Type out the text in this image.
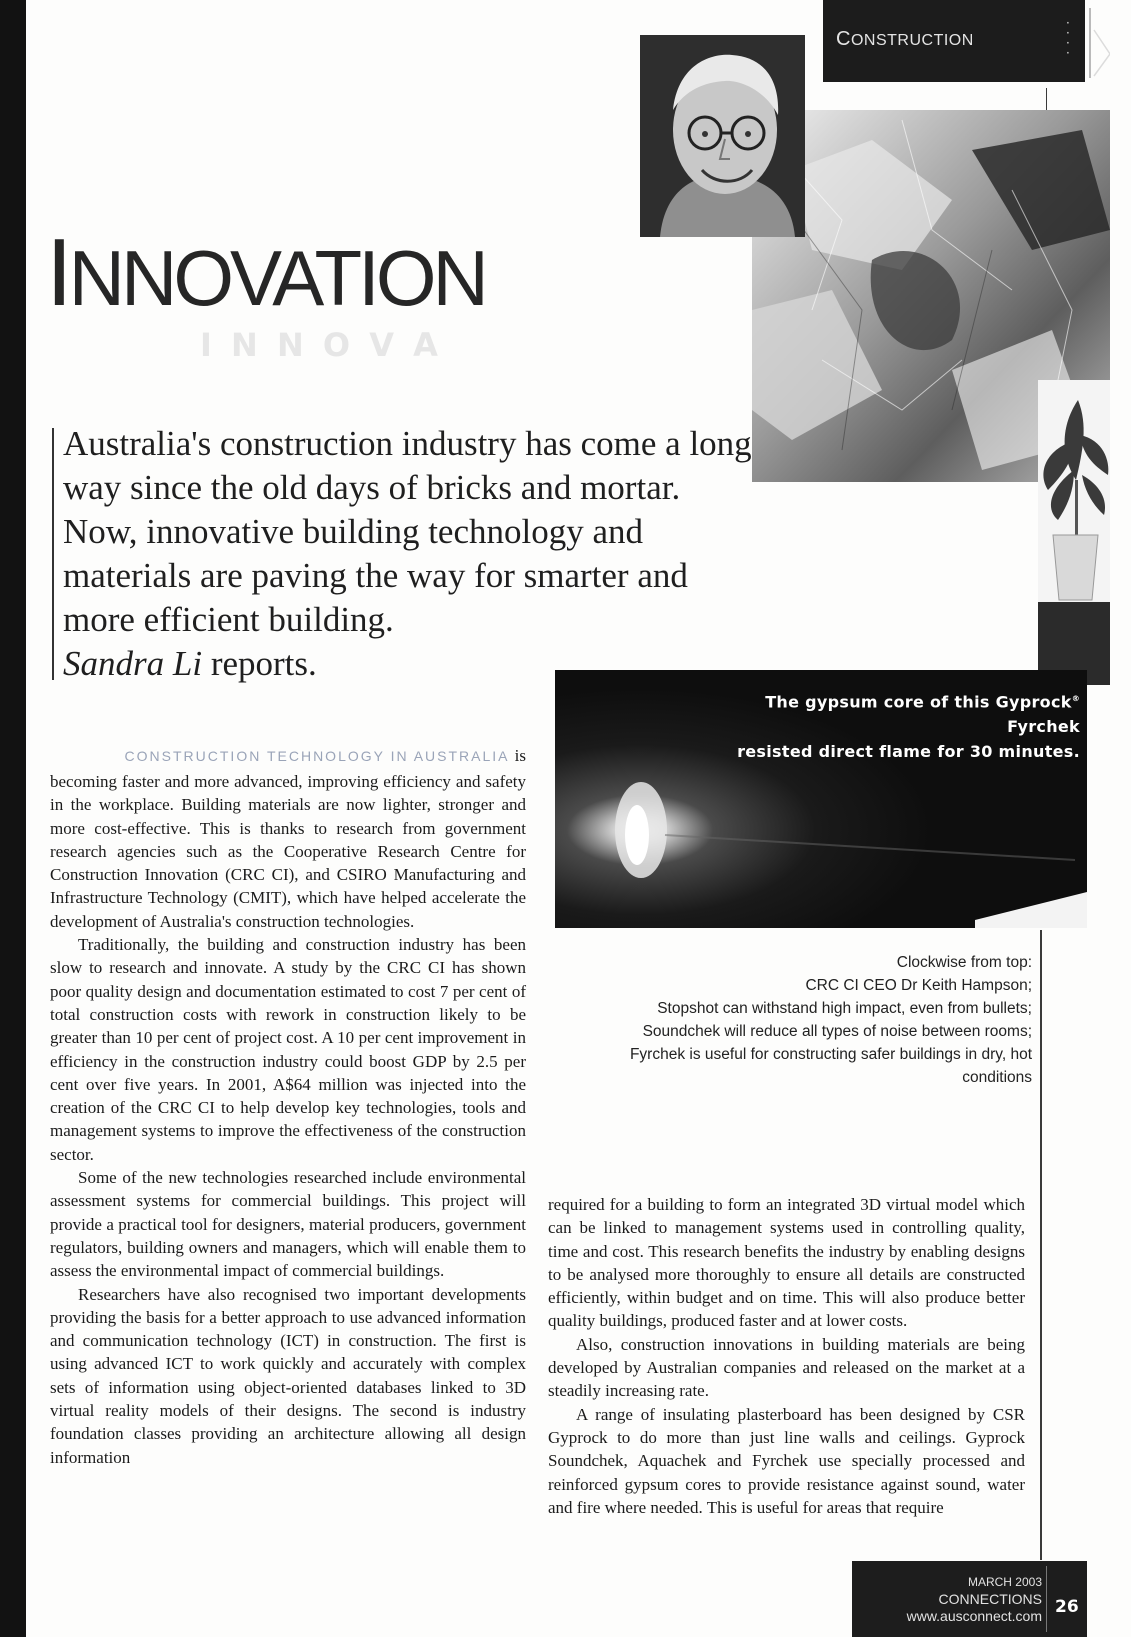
CONSTRUCTION
·
·
·
·
The gypsum core of this Gyprock® Fyrchek
resisted direct flame for 30 minutes.
INNOVATION
I N N O V A

Australia's construction industry has come a long way since the old days of bricks and mortar. Now, innovative building technology and materials are paving the way for smarter and more efficient building.
Sandra Li reports.

CONSTRUCTION TECHNOLOGY IN AUSTRALIA is

becoming faster and more advanced, improving efficiency and safety in the workplace. Building materials are now lighter, stronger and more cost-effective. This is thanks to research from government research agencies such as the Cooperative Research Centre for Construction Innovation (CRC CI), and CSIRO Manufacturing and Infrastructure Technology (CMIT), which have helped accelerate the development of Australia's construction technologies.

Traditionally, the building and construction industry has been slow to research and innovate. A study by the CRC CI has shown poor quality design and documentation estimated to cost 7 per cent of total construction costs with rework in construction likely to be greater than 10 per cent of project cost. A 10 per cent improvement in efficiency in the construction industry could boost GDP by 2.5 per cent over five years. In 2001, A$64 million was injected into the creation of the CRC CI to help develop key technologies, tools and management systems to improve the effectiveness of the construction sector.

Some of the new technologies researched include environmental assessment systems for commercial buildings. This project will provide a practical tool for designers, material producers, government regulators, building owners and managers, which will enable them to assess the environmental impact of commercial buildings.

Researchers have also recognised two important developments providing the basis for a better approach to use advanced information and communication technology (ICT) in construction. The first is using advanced ICT to work quickly and accurately with complex sets of information using object-oriented databases linked to 3D virtual reality models of their designs. The second is industry foundation classes providing an architecture allowing all design information

Clockwise from top:
CRC CI CEO Dr Keith Hampson;
Stopshot can withstand high impact, even from bullets;
Soundchek will reduce all types of noise between rooms;
Fyrchek is useful for constructing safer buildings in dry, hot
conditions

required for a building to form an integrated 3D virtual model which can be linked to management systems used in controlling quality, time and cost. This research benefits the industry by enabling designs to be analysed more thoroughly to ensure all details are constructed efficiently, within budget and on time. This will also produce better quality buildings, produced faster and at lower costs.

Also, construction innovations in building materials are being developed by Australian companies and released on the market at a steadily increasing rate.

A range of insulating plasterboard has been designed by CSR Gyprock to do more than just line walls and ceilings. Gyprock Soundchek, Aquachek and Fyrchek use specially processed and reinforced gypsum cores to provide resistance against sound, water and fire where needed. This is useful for areas that require

MARCH 2003
CONNECTIONS
www.ausconnect.com 26
